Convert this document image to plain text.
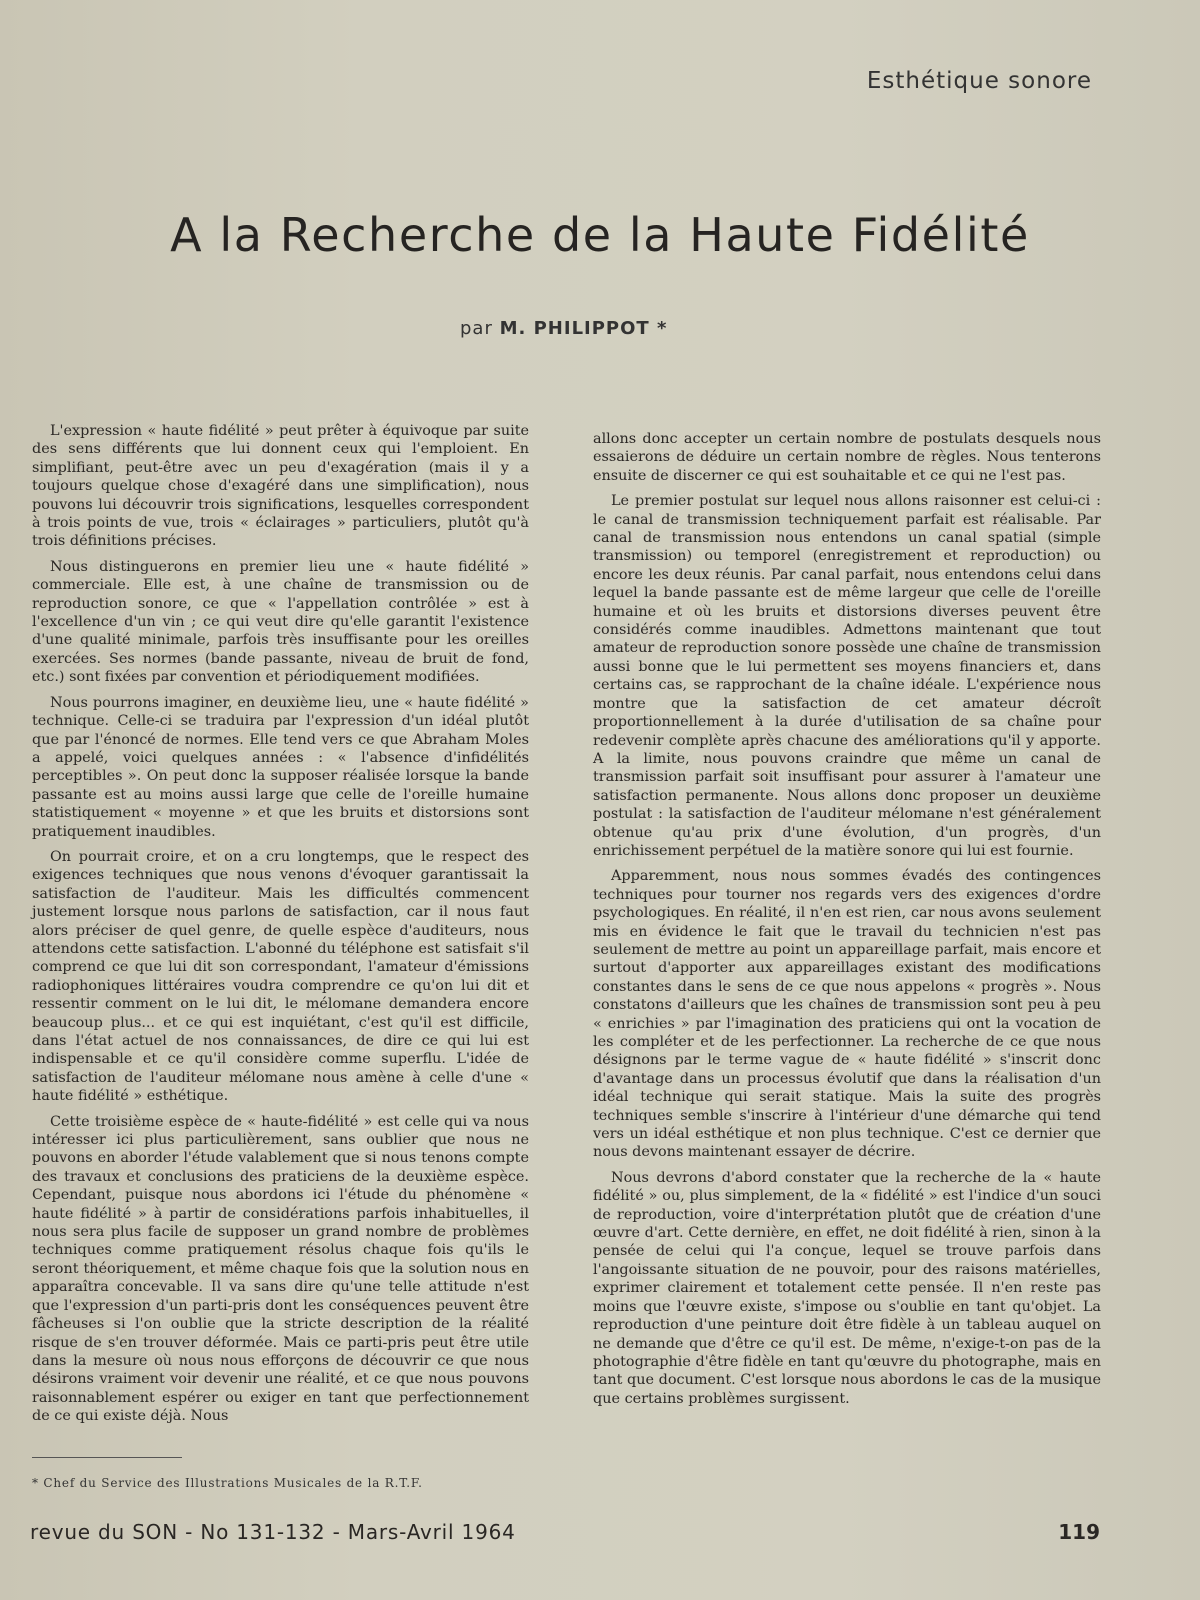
Esthétique sonore
A la Recherche de la Haute Fidélité
par M. PHILIPPOT *

L'expression « haute fidélité » peut prêter à équivoque par suite des sens différents que lui donnent ceux qui l'emploient. En simplifiant, peut-être avec un peu d'exagération (mais il y a toujours quelque chose d'exagéré dans une simplification), nous pouvons lui découvrir trois significations, lesquelles correspondent à trois points de vue, trois « éclairages » particuliers, plutôt qu'à trois définitions précises.

Nous distinguerons en premier lieu une « haute fidélité » commerciale. Elle est, à une chaîne de transmission ou de reproduction sonore, ce que « l'appellation contrôlée » est à l'excellence d'un vin ; ce qui veut dire qu'elle garantit l'existence d'une qualité minimale, parfois très insuffisante pour les oreilles exercées. Ses normes (bande passante, niveau de bruit de fond, etc.) sont fixées par convention et périodiquement modifiées.

Nous pourrons imaginer, en deuxième lieu, une « haute fidélité » technique. Celle-ci se traduira par l'expression d'un idéal plutôt que par l'énoncé de normes. Elle tend vers ce que Abraham Moles a appelé, voici quelques années : « l'absence d'infidélités perceptibles ». On peut donc la supposer réalisée lorsque la bande passante est au moins aussi large que celle de l'oreille humaine statistiquement « moyenne » et que les bruits et distorsions sont pratiquement inaudibles.

On pourrait croire, et on a cru longtemps, que le respect des exigences techniques que nous venons d'évoquer garantissait la satisfaction de l'auditeur. Mais les difficultés commencent justement lorsque nous parlons de satisfaction, car il nous faut alors préciser de quel genre, de quelle espèce d'auditeurs, nous attendons cette satisfaction. L'abonné du téléphone est satisfait s'il comprend ce que lui dit son correspondant, l'amateur d'émissions radiophoniques littéraires voudra comprendre ce qu'on lui dit et ressentir comment on le lui dit, le mélomane demandera encore beaucoup plus... et ce qui est inquiétant, c'est qu'il est difficile, dans l'état actuel de nos connaissances, de dire ce qui lui est indispensable et ce qu'il considère comme superflu. L'idée de satisfaction de l'auditeur mélomane nous amène à celle d'une « haute fidélité » esthétique.

Cette troisième espèce de « haute-fidélité » est celle qui va nous intéresser ici plus particulièrement, sans oublier que nous ne pouvons en aborder l'étude valablement que si nous tenons compte des travaux et conclusions des praticiens de la deuxième espèce. Cependant, puisque nous abordons ici l'étude du phénomène « haute fidélité » à partir de considérations parfois inhabituelles, il nous sera plus facile de supposer un grand nombre de problèmes techniques comme pratiquement résolus chaque fois qu'ils le seront théoriquement, et même chaque fois que la solution nous en apparaîtra concevable. Il va sans dire qu'une telle attitude n'est que l'expression d'un parti-pris dont les conséquences peuvent être fâcheuses si l'on oublie que la stricte description de la réalité risque de s'en trouver déformée. Mais ce parti-pris peut être utile dans la mesure où nous nous efforçons de découvrir ce que nous désirons vraiment voir devenir une réalité, et ce que nous pouvons raisonnablement espérer ou exiger en tant que perfectionnement de ce qui existe déjà. Nous

allons donc accepter un certain nombre de postulats desquels nous essaierons de déduire un certain nombre de règles. Nous tenterons ensuite de discerner ce qui est souhaitable et ce qui ne l'est pas.

Le premier postulat sur lequel nous allons raisonner est celui-ci : le canal de transmission techniquement parfait est réalisable. Par canal de transmission nous entendons un canal spatial (simple transmission) ou temporel (enregistrement et reproduction) ou encore les deux réunis. Par canal parfait, nous entendons celui dans lequel la bande passante est de même largeur que celle de l'oreille humaine et où les bruits et distorsions diverses peuvent être considérés comme inaudibles. Admettons maintenant que tout amateur de reproduction sonore possède une chaîne de transmission aussi bonne que le lui permettent ses moyens financiers et, dans certains cas, se rapprochant de la chaîne idéale. L'expérience nous montre que la satisfaction de cet amateur décroît proportionnellement à la durée d'utilisation de sa chaîne pour redevenir complète après chacune des améliorations qu'il y apporte. A la limite, nous pouvons craindre que même un canal de transmission parfait soit insuffisant pour assurer à l'amateur une satisfaction permanente. Nous allons donc proposer un deuxième postulat : la satisfaction de l'auditeur mélomane n'est généralement obtenue qu'au prix d'une évolution, d'un progrès, d'un enrichissement perpétuel de la matière sonore qui lui est fournie.

Apparemment, nous nous sommes évadés des contingences techniques pour tourner nos regards vers des exigences d'ordre psychologiques. En réalité, il n'en est rien, car nous avons seulement mis en évidence le fait que le travail du technicien n'est pas seulement de mettre au point un appareillage parfait, mais encore et surtout d'apporter aux appareillages existant des modifications constantes dans le sens de ce que nous appelons « progrès ». Nous constatons d'ailleurs que les chaînes de transmission sont peu à peu « enrichies » par l'imagination des praticiens qui ont la vocation de les compléter et de les perfectionner. La recherche de ce que nous désignons par le terme vague de « haute fidélité » s'inscrit donc d'avantage dans un processus évolutif que dans la réalisation d'un idéal technique qui serait statique. Mais la suite des progrès techniques semble s'inscrire à l'intérieur d'une démarche qui tend vers un idéal esthétique et non plus technique. C'est ce dernier que nous devons maintenant essayer de décrire.

Nous devrons d'abord constater que la recherche de la « haute fidélité » ou, plus simplement, de la « fidélité » est l'indice d'un souci de reproduction, voire d'interprétation plutôt que de création d'une œuvre d'art. Cette dernière, en effet, ne doit fidélité à rien, sinon à la pensée de celui qui l'a conçue, lequel se trouve parfois dans l'angoissante situation de ne pouvoir, pour des raisons matérielles, exprimer clairement et totalement cette pensée. Il n'en reste pas moins que l'œuvre existe, s'impose ou s'oublie en tant qu'objet. La reproduction d'une peinture doit être fidèle à un tableau auquel on ne demande que d'être ce qu'il est. De même, n'exige-t-on pas de la photographie d'être fidèle en tant qu'œuvre du photographe, mais en tant que document. C'est lorsque nous abordons le cas de la musique que certains problèmes surgissent.

* Chef du Service des Illustrations Musicales de la R.T.F.
revue du SON - No 131-132 - Mars-Avril 1964	119
